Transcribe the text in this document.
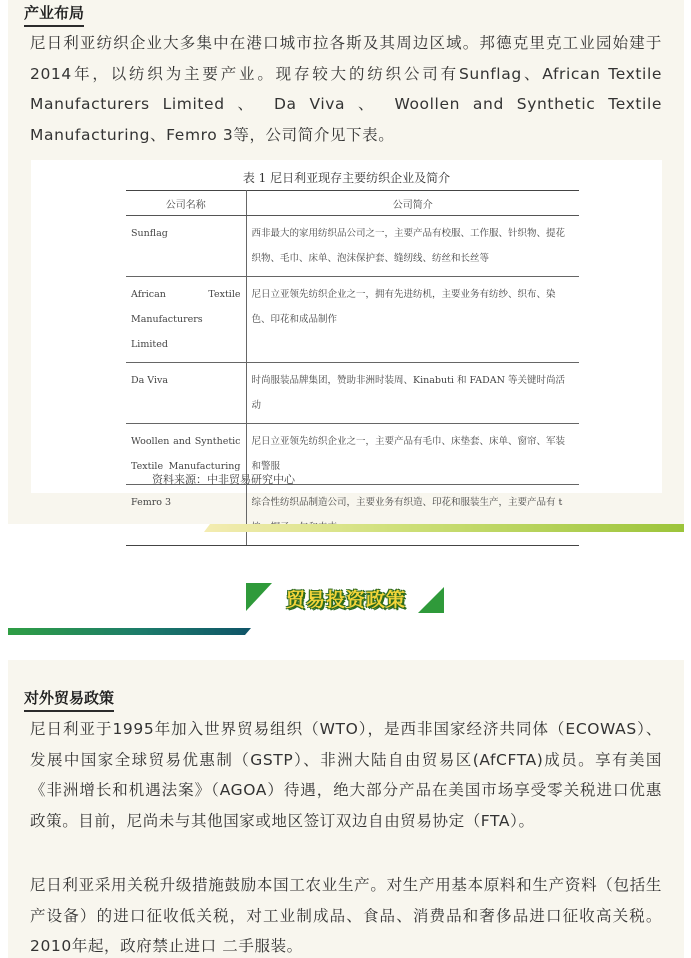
产业布局
尼日利亚纺织企业大多集中在港口城市拉各斯及其周边区域。邦德克里克工业园始建于2014年，以纺织为主要产业。现存较大的纺织公司有Sunflag、African Textile Manufacturers Limited 、 Da Viva 、 Woollen and Synthetic Textile Manufacturing、Femro 3等，公司简介见下表。
表 1 尼日利亚现存主要纺织企业及简介
公司名称	公司简介
Sunflag	西非最大的家用纺织品公司之一，主要产品有校服、工作服、针织物、提花织物、毛巾、床单、泡沫保护套、缝纫线、纺丝和长丝等
African Textile Manufacturers Limited	尼日立亚领先纺织企业之一，拥有先进纺机，主要业务有纺纱、织布、染色、印花和成品制作
Da Viva	时尚服装品牌集团，赞助非洲时装周、Kinabuti 和 FADAN 等关键时尚活动
Woollen and Synthetic Textile Manufacturing	尼日立亚领先纺织企业之一，主要产品有毛巾、床垫套、床单、窗帘、军装和警服
Femro 3	综合性纺织品制造公司，主要业务有织造、印花和服装生产，主要产品有 t
资料来源：中非贸易研究中心
贸易投资政策
对外贸易政策
尼日利亚于1995年加入世界贸易组织（WTO），是西非国家经济共同体（ECOWAS）、发展中国家全球贸易优惠制（GSTP）、非洲大陆自由贸易区(AfCFTA)成员。享有美国《非洲增长和机遇法案》（AGOA）待遇，绝大部分产品在美国市场享受零关税进口优惠政策。目前，尼尚未与其他国家或地区签订双边自由贸易协定（FTA）。
尼日利亚采用关税升级措施鼓励本国工农业生产。对生产用基本原料和生产资料（包括生产设备）的进口征收低关税，对工业制成品、食品、消费品和奢侈品进口征收高关税。2010年起，政府禁止进口 二手服装。
